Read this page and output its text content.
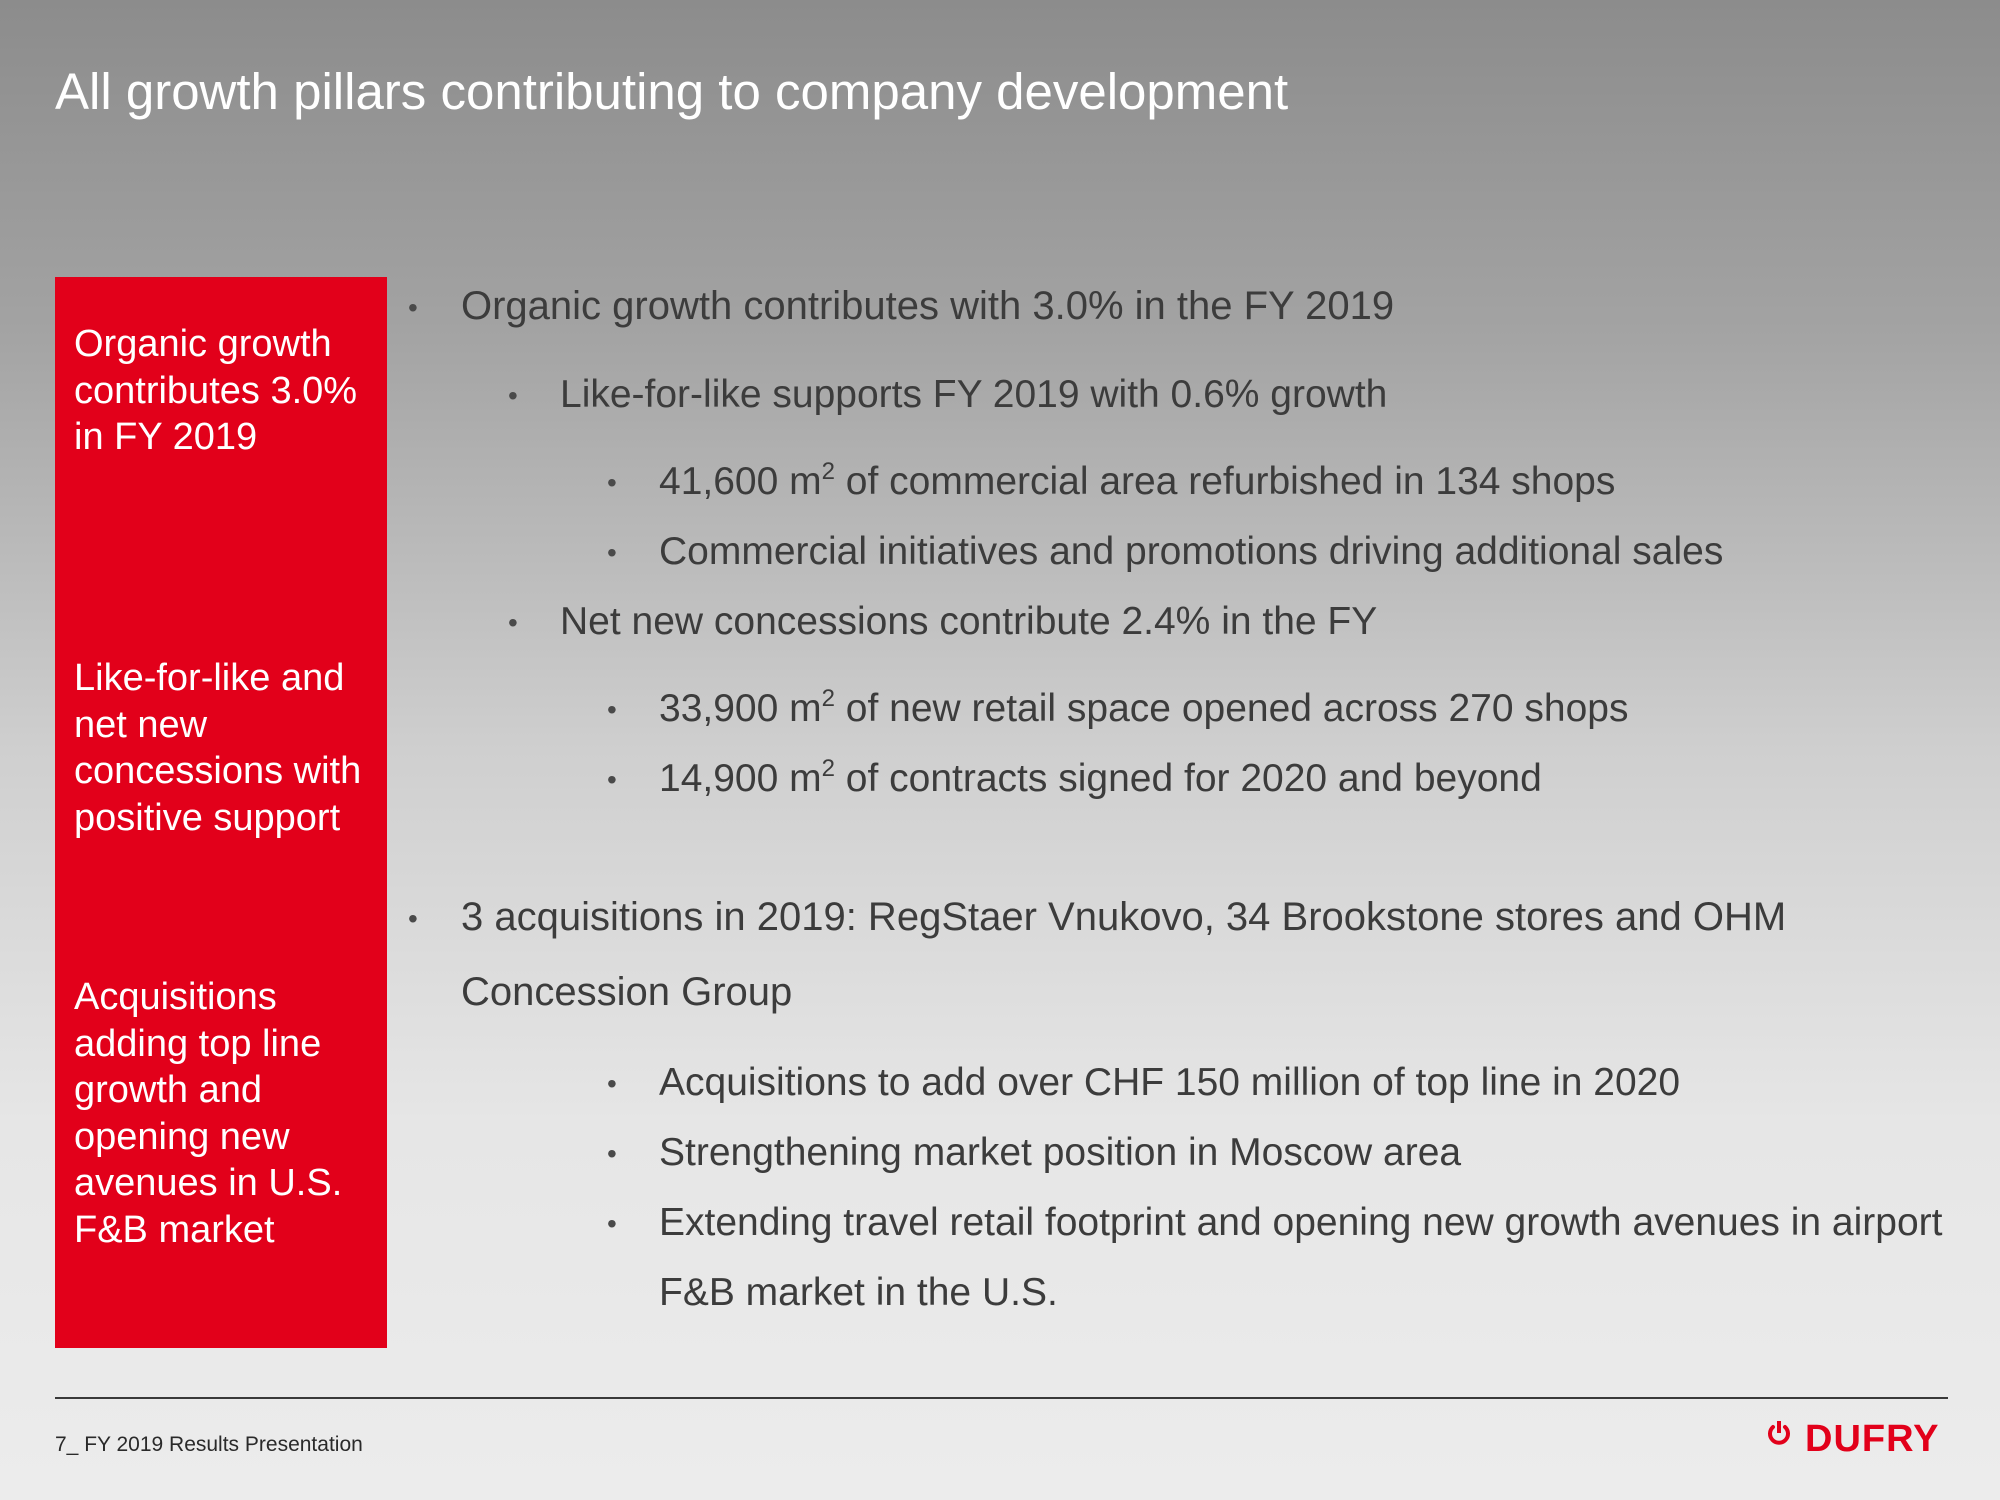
All growth pillars contributing to company development
Organic growth
contributes 3.0%
in FY 2019
Like-for-like and
net new
concessions with
positive support
Acquisitions
adding top line
growth and
opening new
avenues in U.S.
F&B market
• Organic growth contributes with 3.0% in the FY 2019
• Like-for-like supports FY 2019 with 0.6% growth
• 41,600 $m^2$ of commercial area refurbished in 134 shops
• Commercial initiatives and promotions driving additional sales
• Net new concessions contribute 2.4% in the FY
• 33,900 $m^2$ of new retail space opened across 270 shops
• 14,900 $m^2$ of contracts signed for 2020 and beyond
• 3 acquisitions in 2019: RegStaer Vnukovo, 34 Brookstone stores and OHM
Concession Group
• Acquisitions to add over CHF 150 million of top line in 2020
• Strengthening market position in Moscow area
• Extending travel retail footprint and opening new growth avenues in airport
F&B market in the U.S.
7_ FY 2019 Results Presentation	DUFRY
